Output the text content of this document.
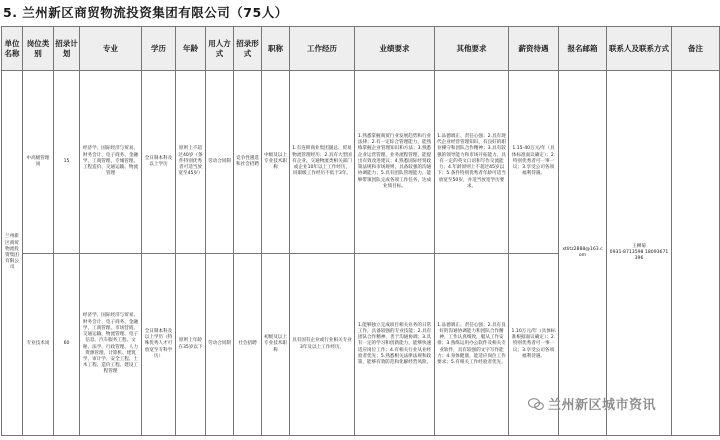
5. 兰州新区商贸物流投资集团有限公司（75人）
单位名称	岗位类别	招录计划	专业	学历	年龄	用人方式	招录形式	职称	工作经历	业绩要求	其他要求	薪资待遇	报名邮箱	联系人及联系方式	备注
兰州新区商贸物流投资集团有限公司	中高级管理岗	15	经济学、国际经济与贸易、财务会计、电子商务、金融学、工商管理、专城管理、工程造价、交通运输、物流管理	全日制本科及以上学历	原则上不超过40岁（条件特别优秀者可适当放宽至45岁）	劳动合同制	竞争性遴选和社会招聘	中级及以上专业技术职称	1.有连锁商业集团副总、贸易物流管理经历；2.具有大型国有企业、交通物流类相关部门或企业10年以上工作经历，同职级工作经历不低于3年。	1.熟悉掌握商贸行业发展趋势和行业法律；2.有一定综合管理能力，能熟练掌握企业管理知识和方法；3.熟悉企业运营管理、业务流程管理，能提出有效改进建议；4.熟悉国际经贸政策法规和市场规则，具备较强的沟通协调能力；5.具有团队管理能力，能够带领团队完成各项工作任务，达成业绩目标。	1.品德端正、责任心强；2.具有现代企业经营管理知识，有良好的职业操守和团队合作精神；3.具有较强的领导能力和市场开拓能力，具有一定的英文口语和写作交流能力；4.年龄原则上不超过45岁以下；5.条件特别优秀者年龄可适当放宽至50岁，并适当放宽学历要求。	1.15-40万元/年（具体标准面议确定）；2.特别优秀者可一事一议；3.享受公司各项福利待遇。	xtlitz2888@163.com	王柳菊
0931-8713598 18093671396	

	专业技术岗	60	经济学、国际经济与贸易、财务会计、电子商务、金融学、工商管理、市场营销、交通运输、物流管理、电子信息、汽车服务工程、文秘、法学、行政管理、人力资源管理、计算机、建筑学、审计学、安全工程、土木工程、造价工程、建设工程管理	全日制本科及以上学历（特殊优秀人才可放宽至专科学历）	原则上年龄在35岁以下	劳动合同制	社会招聘	初级及以上专业技术职称	具有国有企业或行业相关专业3年及以上工作经历。	1.能够独立完成项目相关业务的日常工作，具备较强的专业技能；2.具有团队合作精神，善于沟通协调；3.具有一定的学习和创新能力，能够快速适应岗位工作；4.有相关行业从业经验者优先；5.熟悉相关法律法规和政策，能够有效防范和化解经营风险。	1.品德端正、责任心强；2.具有良好的沟通协调能力和团队合作精神，工作认真细致，服从工作安排；3.熟练运用办公软件及相关专业软件，具有较强的文字写作能力；4.身体健康，能适应岗位工作要求；5.有相关工作经验者优先。	1.10万元/年（具体标准根据面议确定）；2.特别优秀者可一事一议；3.享受公司各项福利待遇。			
兰州新区城市资讯
